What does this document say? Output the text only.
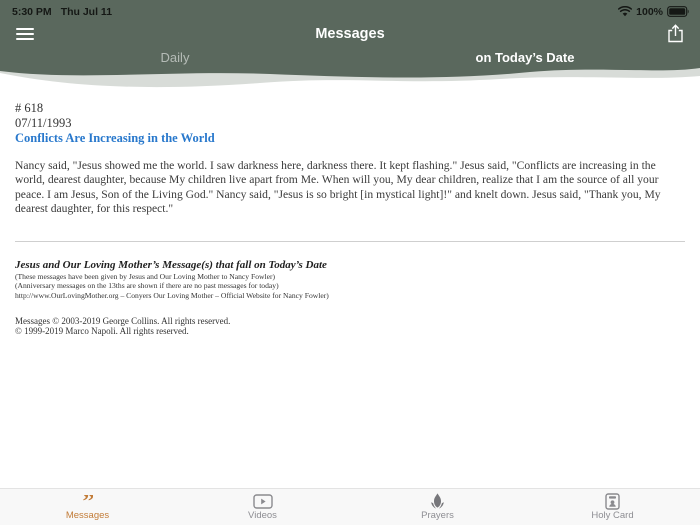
5:30 PM Thu Jul 11	100%
Messages
Daily	on Today’s Date
# 618
07/11/1993
Conflicts Are Increasing in the World
Nancy said, "Jesus showed me the world. I saw darkness here, darkness there. It kept flashing." Jesus said, "Conflicts are increasing in the world, dearest daughter, because My children live apart from Me. When will you, My dear children, realize that I am the source of all your peace. I am Jesus, Son of the Living God." Nancy said, "Jesus is so bright [in mystical light]!" and knelt down. Jesus said, "Thank you, My dearest daughter, for this respect."
Jesus and Our Loving Mother’s Message(s) that fall on Today’s Date
(These messages have been given by Jesus and Our Loving Mother to Nancy Fowler)
(Anniversary messages on the 13ths are shown if there are no past messages for today)
http://www.OurLovingMother.org – Conyers Our Loving Mother – Official Website for Nancy Fowler)
Messages © 2003-2019 George Collins. All rights reserved.
© 1999-2019 Marco Napoli. All rights reserved.
”
Messages	Videos	Prayers	Holy Card
